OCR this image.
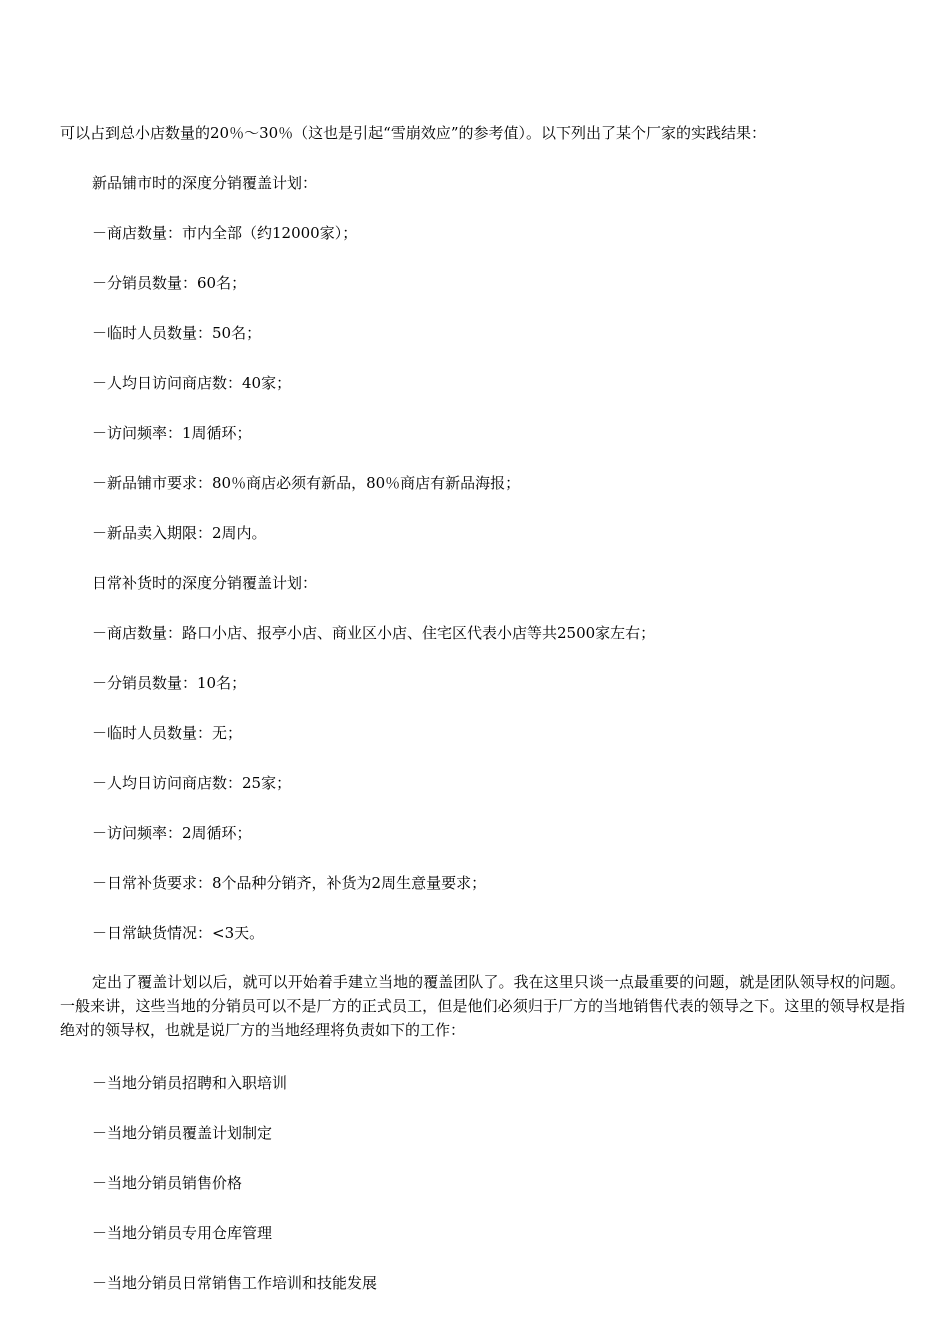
可以占到总小店数量的20％～30％（这也是引起“雪崩效应”的参考值）。以下列出了某个厂家的实践结果：

新品铺市时的深度分销覆盖计划：

－商店数量：市内全部（约12000家）；

－分销员数量：60名；

－临时人员数量：50名；

－人均日访问商店数：40家；

－访问频率：1周循环；

－新品铺市要求：80％商店必须有新品，80％商店有新品海报；

－新品卖入期限：2周内。

日常补货时的深度分销覆盖计划：

－商店数量：路口小店、报亭小店、商业区小店、住宅区代表小店等共2500家左右；

－分销员数量：10名；

－临时人员数量：无；

－人均日访问商店数：25家；

－访问频率：2周循环；

－日常补货要求：8个品种分销齐，补货为2周生意量要求；

－日常缺货情况：<3天。

定出了覆盖计划以后，就可以开始着手建立当地的覆盖团队了。我在这里只谈一点最重要的问题，就是团队领导权的问题。一般来讲，这些当地的分销员可以不是厂方的正式员工，但是他们必须归于厂方的当地销售代表的领导之下。这里的领导权是指绝对的领导权，也就是说厂方的当地经理将负责如下的工作：

－当地分销员招聘和入职培训

－当地分销员覆盖计划制定

－当地分销员销售价格

－当地分销员专用仓库管理

－当地分销员日常销售工作培训和技能发展
